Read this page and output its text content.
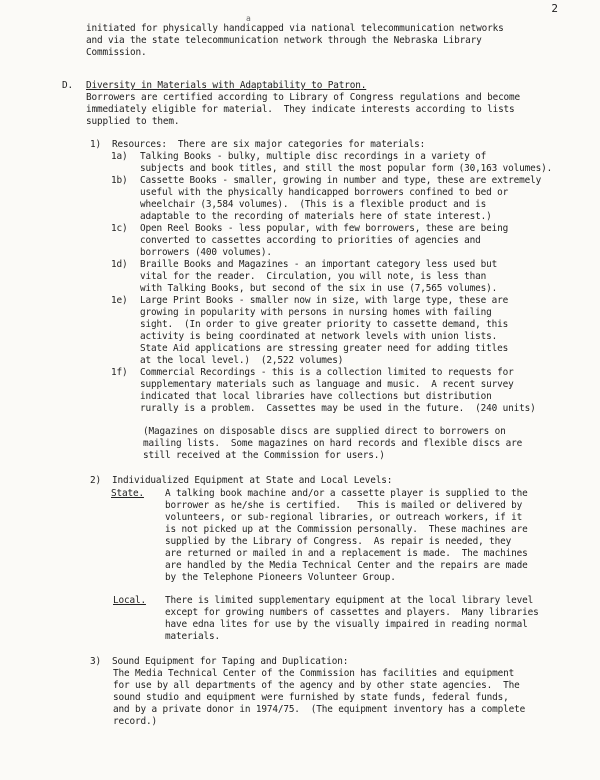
2
a
initiated for physically handicapped via national telecommunication networks
and via the state telecommunication network through the Nebraska Library
Commission.
D. Diversity in Materials with Adaptability to Patron.
Borrowers are certified according to Library of Congress regulations and become
immediately eligible for material.  They indicate interests according to lists
supplied to them.
1)  Resources:  There are six major categories for materials:
1a) Talking Books - bulky, multiple disc recordings in a variety of
subjects and book titles, and still the most popular form (30,163 volumes).
1b) Cassette Books - smaller, growing in number and type, these are extremely
useful with the physically handicapped borrowers confined to bed or
wheelchair (3,584 volumes).  (This is a flexible product and is
adaptable to the recording of materials here of state interest.)
1c) Open Reel Books - less popular, with few borrowers, these are being
converted to cassettes according to priorities of agencies and
borrowers (400 volumes).
1d) Braille Books and Magazines - an important category less used but
vital for the reader.  Circulation, you will note, is less than
with Talking Books, but second of the six in use (7,565 volumes).
1e) Large Print Books - smaller now in size, with large type, these are
growing in popularity with persons in nursing homes with failing
sight.  (In order to give greater priority to cassette demand, this
activity is being coordinated at network levels with union lists.
State Aid applications are stressing greater need for adding titles
at the local level.)  (2,522 volumes)
1f) Commercial Recordings - this is a collection limited to requests for
supplementary materials such as language and music.  A recent survey
indicated that local libraries have collections but distribution
rurally is a problem.  Cassettes may be used in the future.  (240 units)
(Magazines on disposable discs are supplied direct to borrowers on
mailing lists.  Some magazines on hard records and flexible discs are
still received at the Commission for users.)
2)  Individualized Equipment at State and Local Levels:
State. A talking book machine and/or a cassette player is supplied to the
borrower as he/she is certified.   This is mailed or delivered by
volunteers, or sub-regional libraries, or outreach workers, if it
is not picked up at the Commission personally.  These machines are
supplied by the Library of Congress.  As repair is needed, they
are returned or mailed in and a replacement is made.  The machines
are handled by the Media Technical Center and the repairs are made
by the Telephone Pioneers Volunteer Group.
Local. There is limited supplementary equipment at the local library level
except for growing numbers of cassettes and players.  Many libraries
have edna lites for use by the visually impaired in reading normal
materials.
3)  Sound Equipment for Taping and Duplication:
The Media Technical Center of the Commission has facilities and equipment
for use by all departments of the agency and by other state agencies.  The
sound studio and equipment were furnished by state funds, federal funds,
and by a private donor in 1974/75.  (The equipment inventory has a complete
record.)
